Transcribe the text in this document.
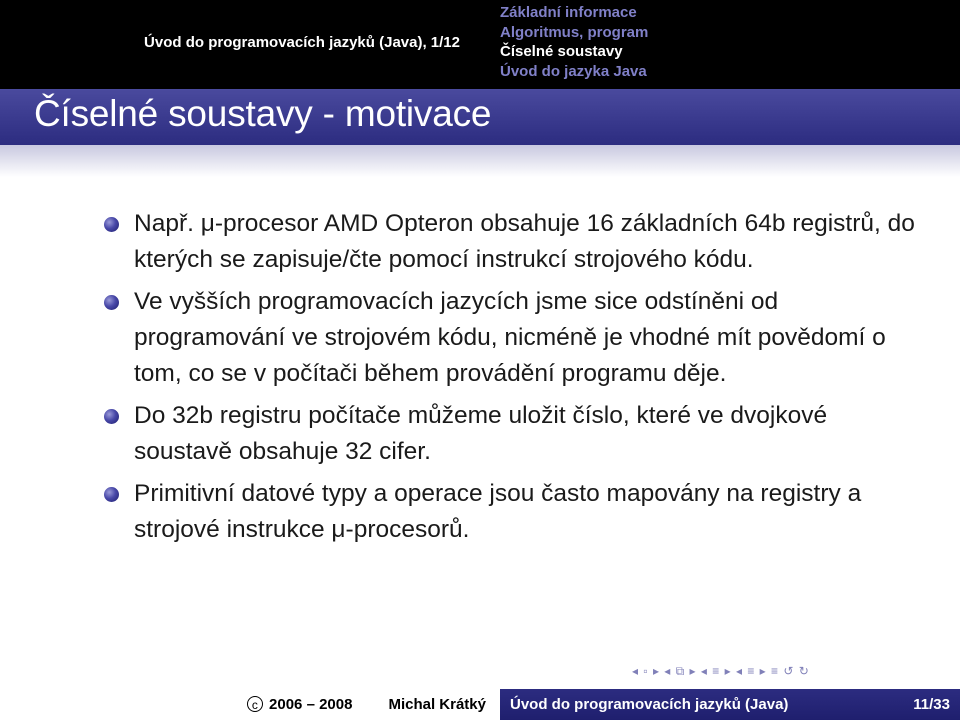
Úvod do programovacích jazyků (Java), 1/12
Základní informace
Algoritmus, program
Číselné soustavy
Úvod do jazyka Java
Číselné soustavy - motivace
Např. μ-procesor AMD Opteron obsahuje 16 základních 64b registrů, do kterých se zapisuje/čte pomocí instrukcí strojového kódu.
Ve vyšších programovacích jazycích jsme sice odstíněni od programování ve strojovém kódu, nicméně je vhodné mít povědomí o tom, co se v počítači během provádění programu děje.
Do 32b registru počítače můžeme uložit číslo, které ve dvojkové soustavě obsahuje 32 cifer.
Primitivní datové typy a operace jsou často mapovány na registry a strojové instrukce μ-procesorů.
◂ ▫ ▸ ◂ ⧉ ▸ ◂ ≡ ▸ ◂ ≡ ▸ ≡ ↺ ↻
c 2006 – 2008 Michal Krátký Úvod do programovacích jazyků (Java)	11/33
